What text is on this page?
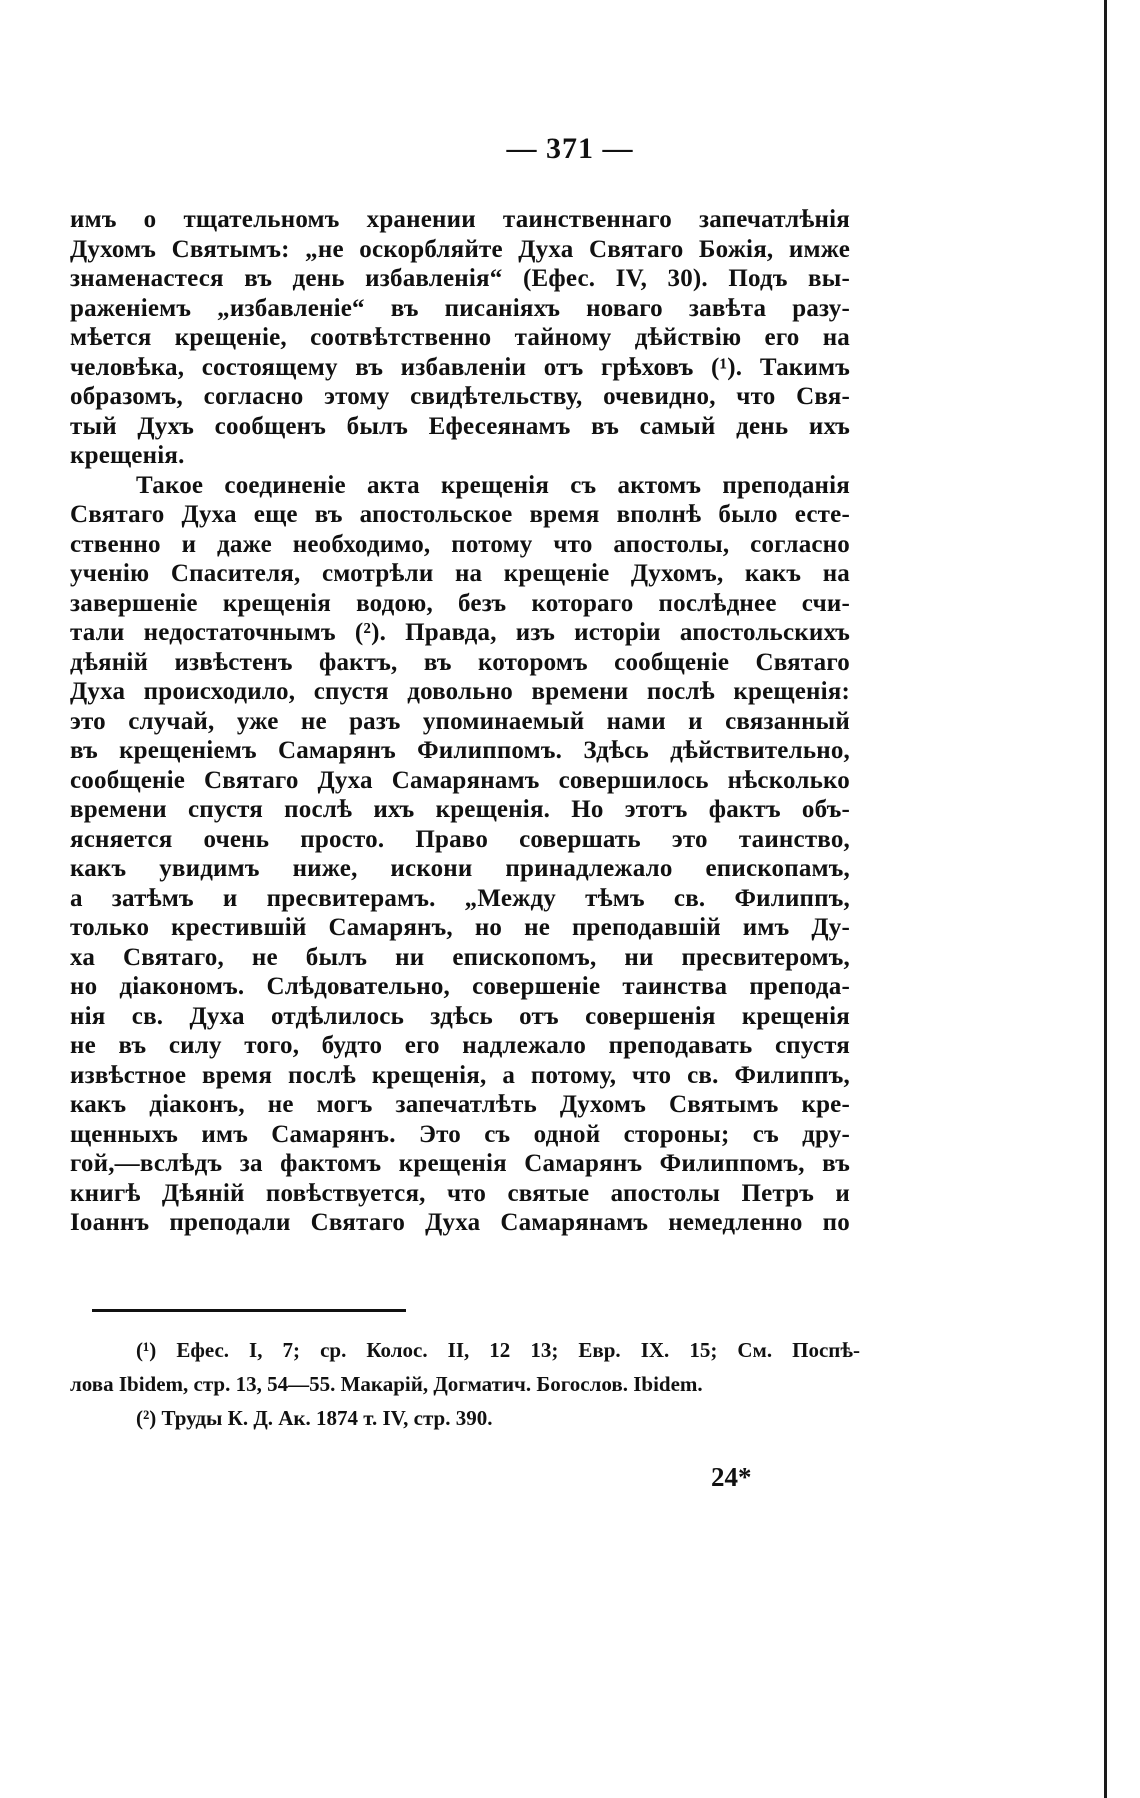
— 371 —
имъ о тщательномъ хранении таинственнаго запечатлѣнія
Духомъ Святымъ: „не оскорбляйте Духа Святаго Божія, имже
знаменастеся въ день избавленія“ (Ефес. IV, 30). Подъ вы-
раженіемъ „избавленіе“ въ писаніяхъ новаго завѣта разу-
мѣется крещеніе, соотвѣтственно тайному дѣйствію его на
человѣка, состоящему въ избавленіи отъ грѣховъ (¹). Такимъ
образомъ, согласно этому свидѣтельству, очевидно, что Свя-
тый Духъ сообщенъ былъ Ефесеянамъ въ самый день ихъ
крещенія.
Такое соединеніе акта крещенія съ актомъ преподанія
Святаго Духа еще въ апостольское время вполнѣ было есте-
ственно и даже необходимо, потому что апостолы, согласно
ученію Спасителя, смотрѣли на крещеніе Духомъ, какъ на
завершеніе крещенія водою, безъ котораго послѣднее счи-
тали недостаточнымъ (²). Правда, изъ исторіи апостольскихъ
дѣяній извѣстенъ фактъ, въ которомъ сообщеніе Святаго
Духа происходило, спустя довольно времени послѣ крещенія:
это случай, уже не разъ упоминаемый нами и связанный
въ крещеніемъ Самарянъ Филиппомъ. Здѣсь дѣйствительно,
сообщеніе Святаго Духа Самарянамъ совершилось нѣсколько
времени спустя послѣ ихъ крещенія. Но этотъ фактъ объ-
ясняется очень просто. Право совершать это таинство,
какъ увидимъ ниже, искони принадлежало епископамъ,
а затѣмъ и пресвитерамъ. „Между тѣмъ св. Филиппъ,
только крестившій Самарянъ, но не преподавшій имъ Ду-
ха Святаго, не былъ ни епископомъ, ни пресвитеромъ,
но діакономъ. Слѣдовательно, совершеніе таинства препода-
нія св. Духа отдѣлилось здѣсь отъ совершенія крещенія
не въ силу того, будто его надлежало преподавать спустя
извѣстное время послѣ крещенія, а потому, что св. Филиппъ,
какъ діаконъ, не могъ запечатлѣть Духомъ Святымъ кре-
щенныхъ имъ Самарянъ. Это съ одной стороны; съ дру-
гой,—вслѣдъ за фактомъ крещенія Самарянъ Филиппомъ, въ
книгѣ Дѣяній повѣствуется, что святые апостолы Петръ и
Іоаннъ преподали Святаго Духа Самарянамъ немедленно по
(¹) Ефес. I, 7; ср. Колос. II, 12 13; Евр. IX. 15; См. Поспѣ-
лова Ibidem, стр. 13, 54—55. Макарій, Догматич. Богослов. Ibidem.
(²) Труды К. Д. Ак. 1874 т. IV, стр. 390.
24*
